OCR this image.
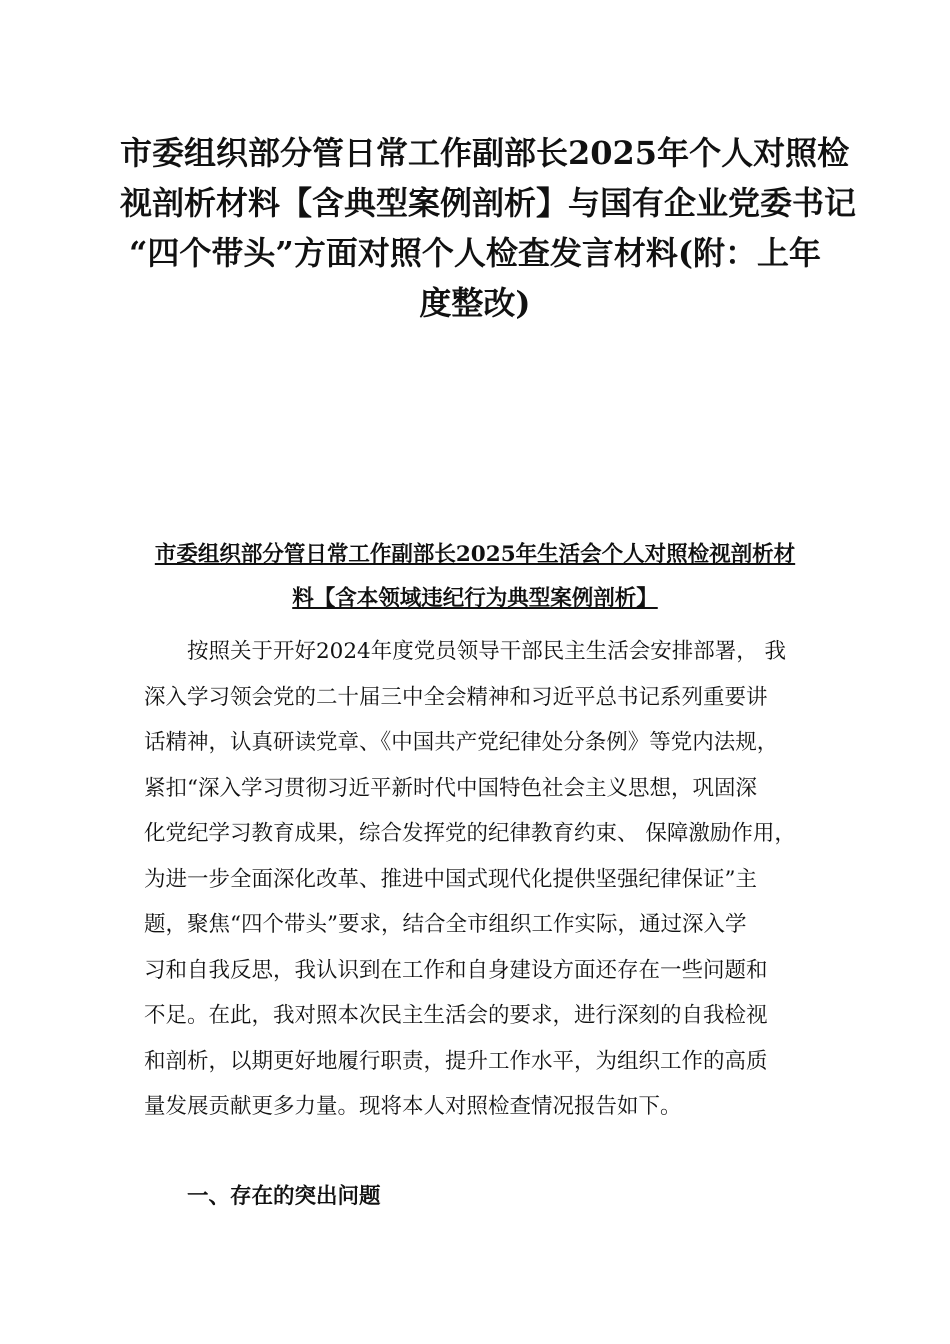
市委组织部分管日常工作副部长2025年个人对照检
视剖析材料【含典型案例剖析】与国有企业党委书记
“四个带头”方面对照个人检查发言材料(附：上年
度整改)
市委组织部分管日常工作副部长2025年生活会个人对照检视剖析材
料【含本领域违纪行为典型案例剖析】

按照关于开好2024年度党员领导干部民主生活会安排部署， 我
深入学习领会党的二十届三中全会精神和习近平总书记系列重要讲
话精神，认真研读党章、《中国共产党纪律处分条例》等党内法规，
紧扣“深入学习贯彻习近平新时代中国特色社会主义思想，巩固深
化党纪学习教育成果，综合发挥党的纪律教育约束、 保障激励作用，
为进一步全面深化改革、推进中国式现代化提供坚强纪律保证”主
题，聚焦“四个带头”要求，结合全市组织工作实际，通过深入学
习和自我反思，我认识到在工作和自身建设方面还存在一些问题和
不足。在此，我对照本次民主生活会的要求，进行深刻的自我检视
和剖析，以期更好地履行职责，提升工作水平，为组织工作的高质
量发展贡献更多力量。现将本人对照检查情况报告如下。

一、存在的突出问题
